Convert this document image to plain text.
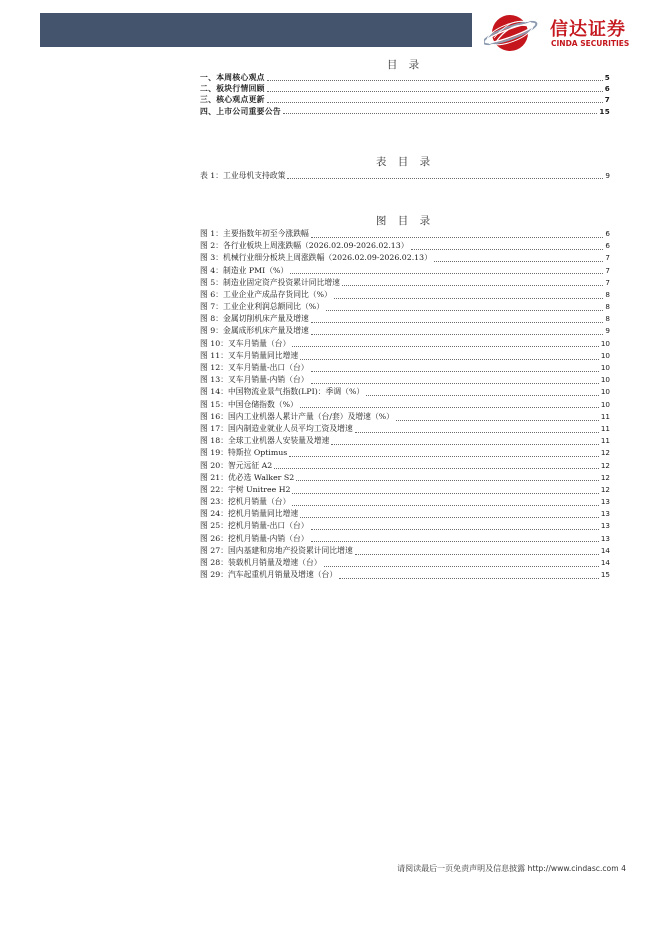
信达证券
CINDA SECURITIES
目 录
一、本周核心观点	5
二、板块行情回顾	6
三、核心观点更新	7
四、上市公司重要公告	15
表 目 录
表 1：工业母机支持政策	9
图 目 录
图 1：主要指数年初至今涨跌幅	6
图 2：各行业板块上周涨跌幅（2026.02.09-2026.02.13）	6
图 3：机械行业细分板块上周涨跌幅（2026.02.09-2026.02.13）	7
图 4：制造业 PMI（%）	7
图 5：制造业固定资产投资累计同比增速	7
图 6：工业企业产成品存货同比（%）	8
图 7：工业企业利润总额同比（%）	8
图 8：金属切削机床产量及增速	8
图 9：金属成形机床产量及增速	9
图 10：叉车月销量（台）	10
图 11：叉车月销量同比增速	10
图 12：叉车月销量-出口（台）	10
图 13：叉车月销量-内销（台）	10
图 14：中国物流业景气指数(LPI)：季调（%）	10
图 15：中国仓储指数（%）	10
图 16：国内工业机器人累计产量（台/套）及增速（%）	11
图 17：国内制造业就业人员平均工资及增速	11
图 18：全球工业机器人安装量及增速	11
图 19：特斯拉 Optimus	12
图 20：智元远征 A2	12
图 21：优必选 Walker S2	12
图 22：宇树 Unitree H2	12
图 23：挖机月销量（台）	13
图 24：挖机月销量同比增速	13
图 25：挖机月销量-出口（台）	13
图 26：挖机月销量-内销（台）	13
图 27：国内基建和房地产投资累计同比增速	14
图 28：装载机月销量及增速（台）	14
图 29：汽车起重机月销量及增速（台）	15
请阅读最后一页免责声明及信息披露 http://www.cindasc.com 4
